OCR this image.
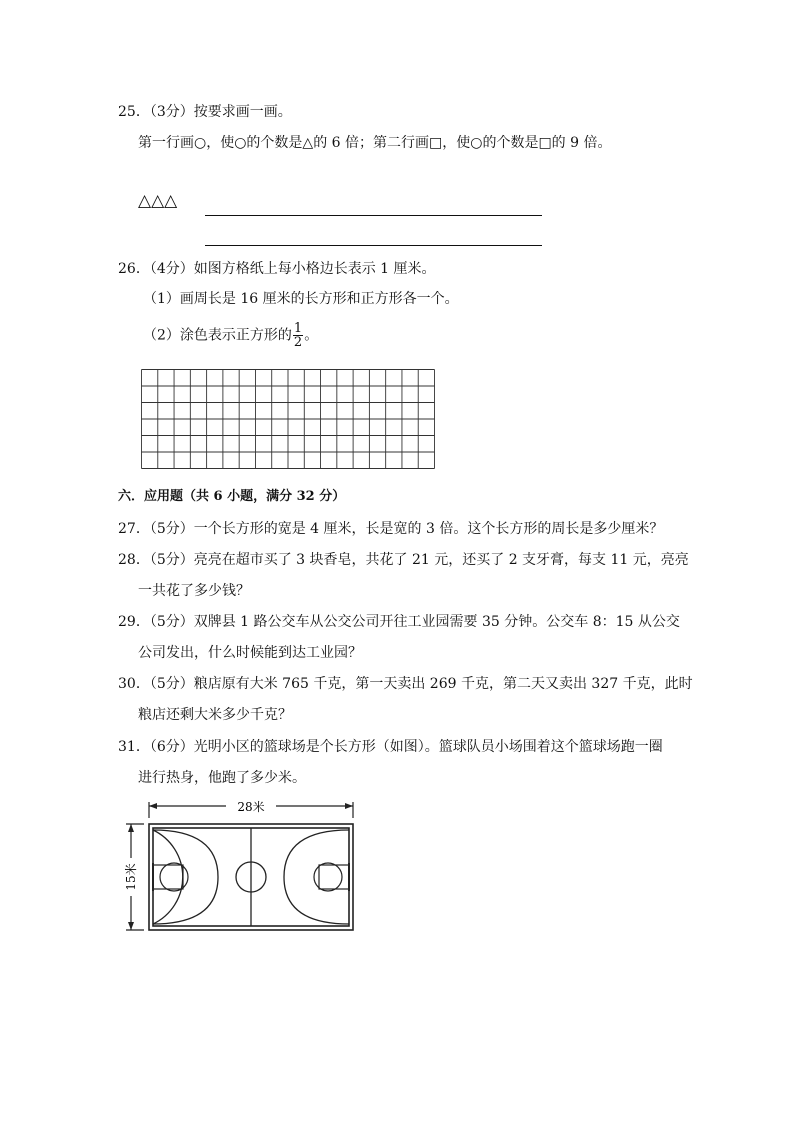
25．（3分）按要求画一画。
第一行画○，使○的个数是△的 6 倍；第二行画□，使○的个数是□的 9 倍。
△△△
26．（4分）如图方格纸上每小格边长表示 1 厘米。
（1）画周长是 16 厘米的长方形和正方形各一个。
（2）涂色表示正方形的 $\frac{1}{2}$ 。
六．应用题（共 6 小题，满分 32 分）
27．（5分）一个长方形的宽是 4 厘米，长是宽的 3 倍。这个长方形的周长是多少厘米？
28．（5分）亮亮在超市买了 3 块香皂，共花了 21 元，还买了 2 支牙膏，每支 11 元，亮亮
一共花了多少钱？
29．（5分）双牌县 1 路公交车从公交公司开往工业园需要 35 分钟。公交车 8：15 从公交
公司发出，什么时候能到达工业园？
30．（5分）粮店原有大米 765 千克，第一天卖出 269 千克，第二天又卖出 327 千克，此时
粮店还剩大米多少千克？
31．（6分）光明小区的篮球场是个长方形（如图）。篮球队员小场围着这个篮球场跑一圈
进行热身，他跑了多少米。
28米
15米
